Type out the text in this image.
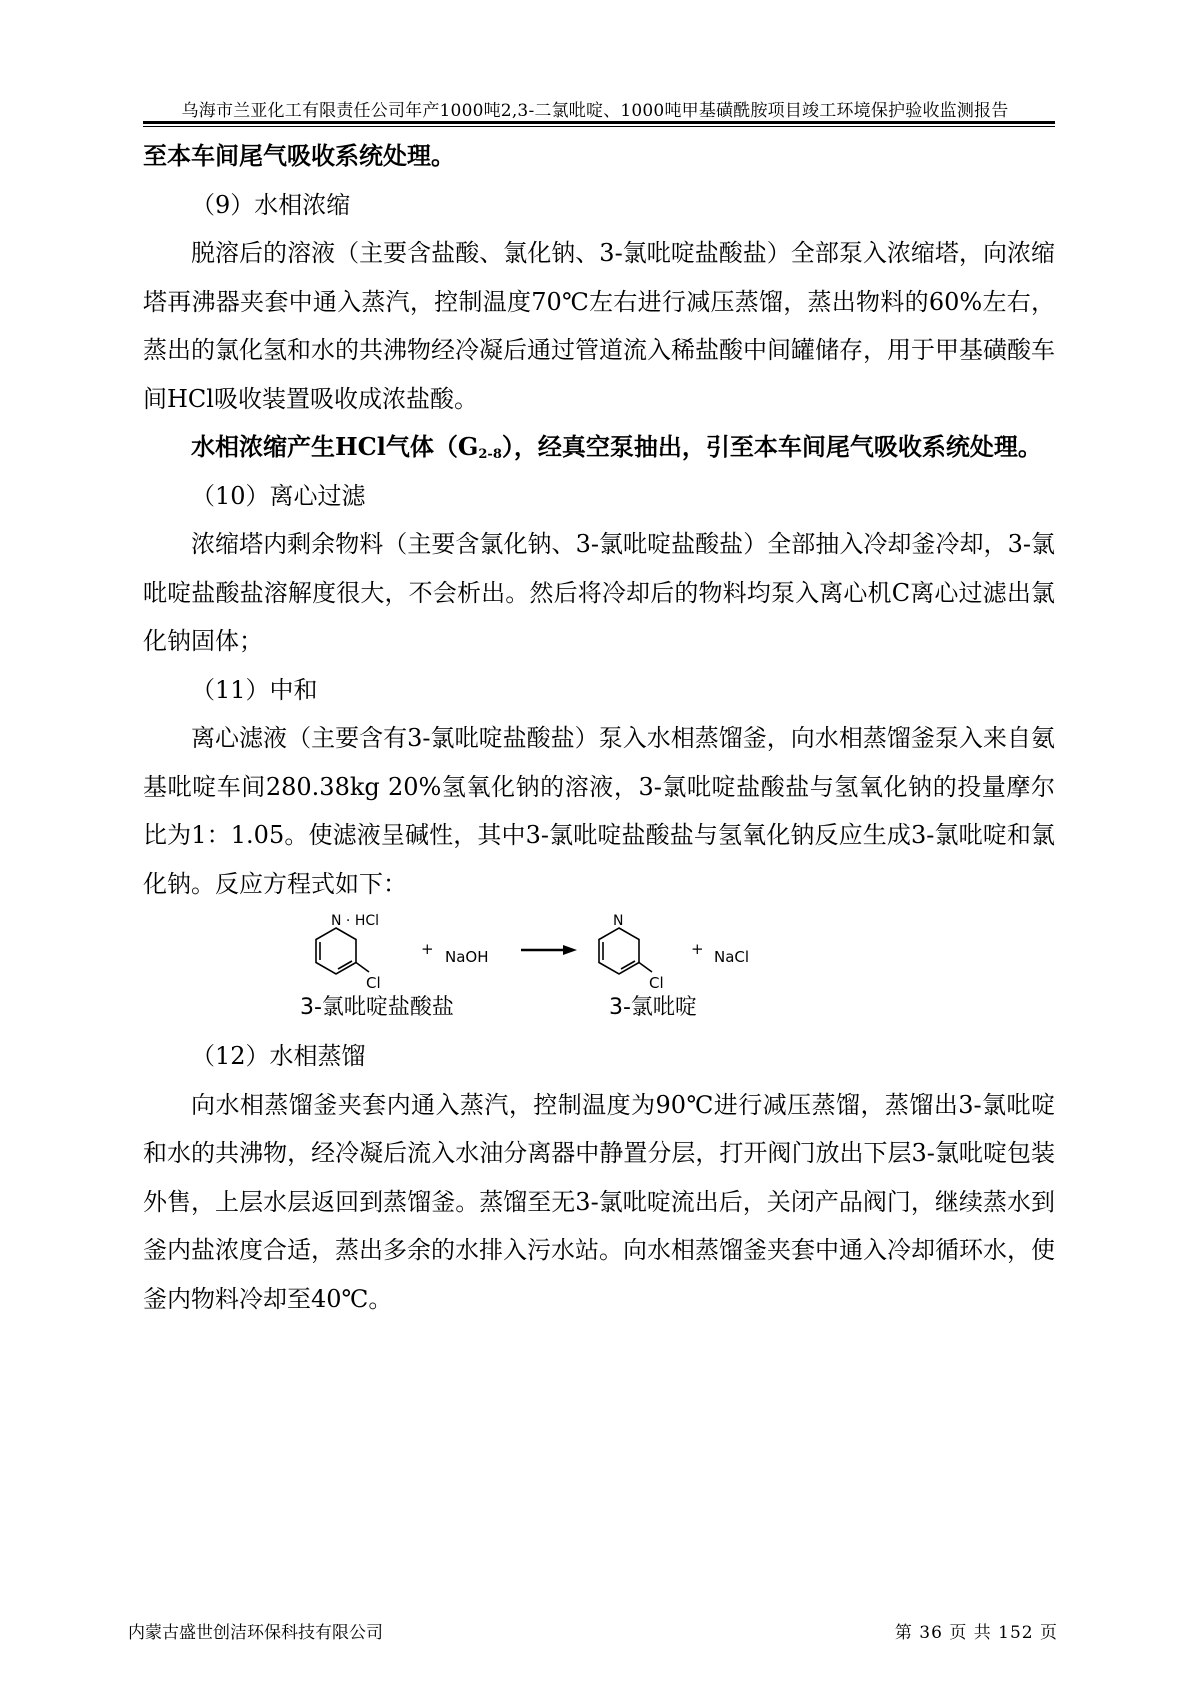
乌海市兰亚化工有限责任公司年产1000吨2,3-二氯吡啶、1000吨甲基磺酰胺项目竣工环境保护验收监测报告

至本车间尾气吸收系统处理。

（9）水相浓缩

脱溶后的溶液（主要含盐酸、氯化钠、3-氯吡啶盐酸盐）全部泵入浓缩塔，向浓缩塔再沸器夹套中通入蒸汽，控制温度70℃左右进行减压蒸馏，蒸出物料的60%左右，蒸出的氯化氢和水的共沸物经冷凝后通过管道流入稀盐酸中间罐储存，用于甲基磺酸车间HCl吸收装置吸收成浓盐酸。

水相浓缩产生HCl气体$(G_{2-8})$，经真空泵抽出，引至本车间尾气吸收系统处理。

（10）离心过滤

浓缩塔内剩余物料（主要含氯化钠、3-氯吡啶盐酸盐）全部抽入冷却釜冷却，3-氯吡啶盐酸盐溶解度很大，不会析出。然后将冷却后的物料均泵入离心机C离心过滤出氯化钠固体；

（11）中和

离心滤液（主要含有3-氯吡啶盐酸盐）泵入水相蒸馏釜，向水相蒸馏釜泵入来自氨基吡啶车间280.38kg 20%氢氧化钠的溶液，3-氯吡啶盐酸盐与氢氧化钠的投量摩尔比为1：1.05。使滤液呈碱性，其中3-氯吡啶盐酸盐与氢氧化钠反应生成3-氯吡啶和氯化钠。反应方程式如下：

N · HCl
Cl
+ NaOH
N
Cl
+ NaCl
3-氯吡啶盐酸盐	3-氯吡啶

（12）水相蒸馏

向水相蒸馏釜夹套内通入蒸汽，控制温度为90℃进行减压蒸馏，蒸馏出3-氯吡啶和水的共沸物，经冷凝后流入水油分离器中静置分层，打开阀门放出下层3-氯吡啶包装外售，上层水层返回到蒸馏釜。蒸馏至无3-氯吡啶流出后，关闭产品阀门，继续蒸水到釜内盐浓度合适，蒸出多余的水排入污水站。向水相蒸馏釜夹套中通入冷却循环水，使釜内物料冷却至40℃。

内蒙古盛世创洁环保科技有限公司	第 36 页 共 152 页
